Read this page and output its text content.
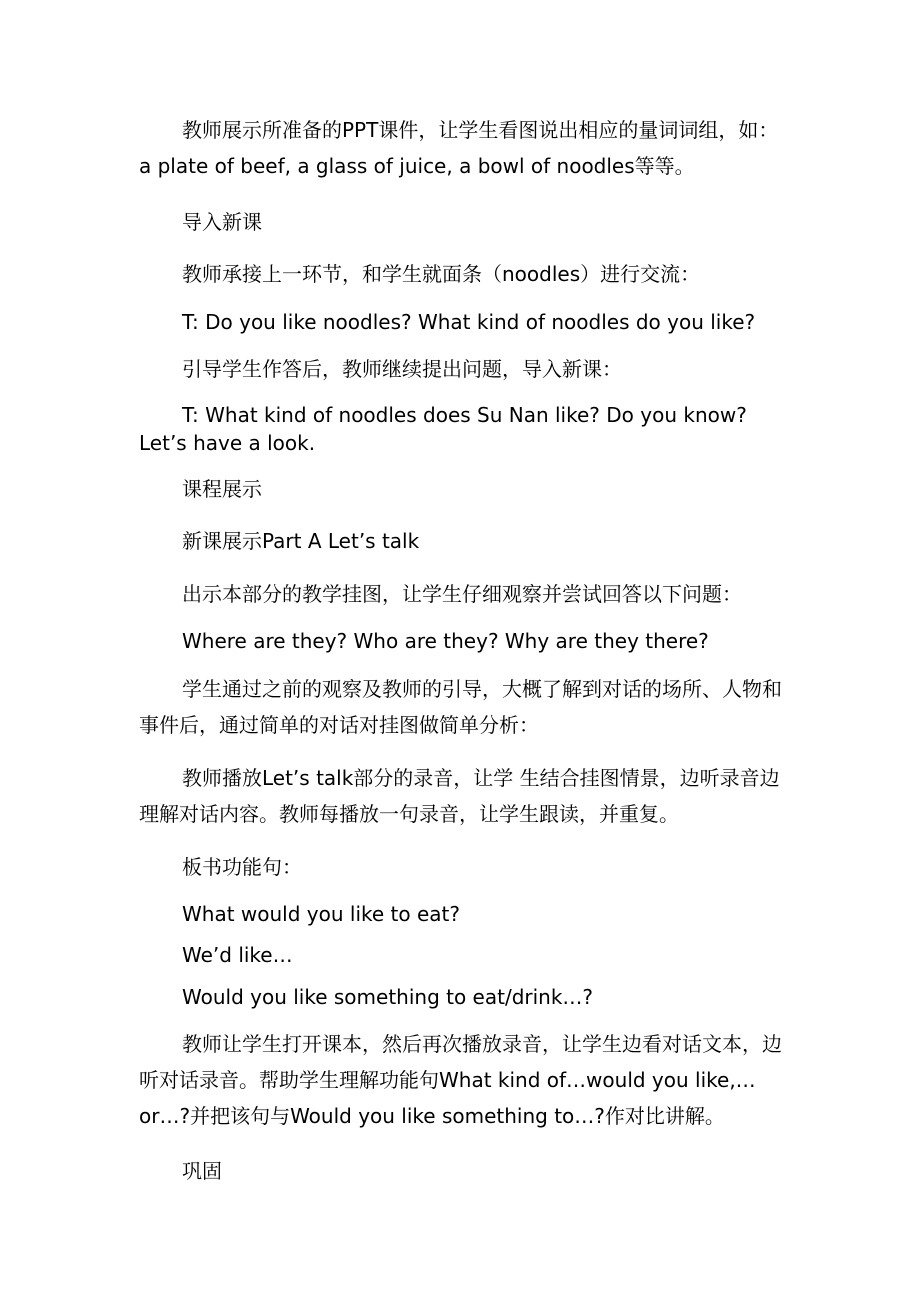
教师展示所准备的PPT课件，让学生看图说出相应的量词词组，如：a plate of beef, a glass of juice, a bowl of noodles等等。
导入新课
教师承接上一环节，和学生就面条（noodles）进行交流：
T: Do you like noodles? What kind of noodles do you like?
引导学生作答后，教师继续提出问题，导入新课：
T: What kind of noodles does Su Nan like? Do you know? Let’s have a look.
课程展示
新课展示Part A Let’s talk
出示本部分的教学挂图，让学生仔细观察并尝试回答以下问题：
Where are they? Who are they? Why are they there?
学生通过之前的观察及教师的引导，大概了解到对话的场所、人物和事件后，通过简单的对话对挂图做简单分析：
教师播放Let’s talk部分的录音，让学 生结合挂图情景，边听录音边理解对话内容。教师每播放一句录音，让学生跟读，并重复。
板书功能句：
What would you like to eat?
We’d like…
Would you like something to eat/drink…?
教师让学生打开课本，然后再次播放录音，让学生边看对话文本，边听对话录音。帮助学生理解功能句What kind of…would you like,…or…?并把该句与Would you like something to…?作对比讲解。
巩固
